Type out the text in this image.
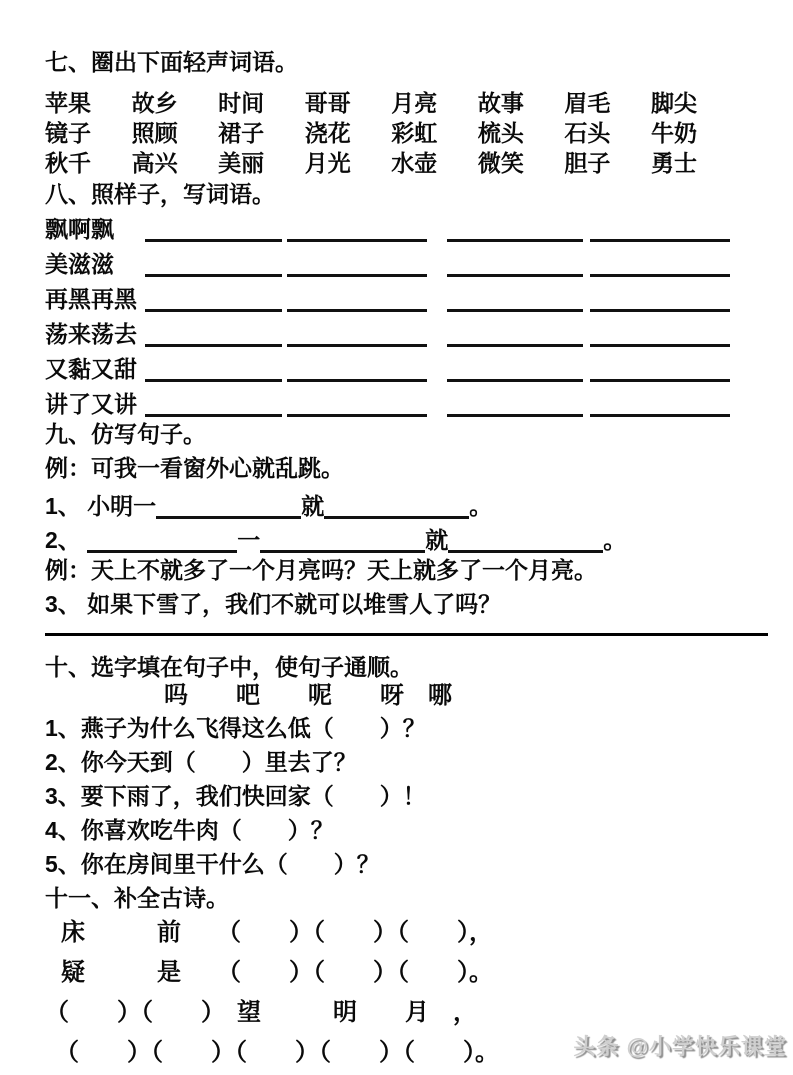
七、圈出下面轻声词语。
苹果 故乡 时间 哥哥 月亮 故事 眉毛 脚尖
镜子 照顾 裙子 浇花 彩虹 梳头 石头 牛奶
秋千 高兴 美丽 月光 水壶 微笑 胆子 勇士
八、照样子，写词语。
飘啊飘
美滋滋
再黑再黑
荡来荡去
又黏又甜
讲了又讲
九、仿写句子。
例：可我一看窗外心就乱跳。
1、 小明一	就	。
2、	一	就	。
例：天上不就多了一个月亮吗？天上就多了一个月亮。
3、 如果下雪了，我们不就可以堆雪人了吗？
十、选字填在句子中，使句子通顺。
吗　　吧　　呢　　呀　哪
1、燕子为什么飞得这么低（　　）？
2、你今天到（　　）里去了？
3、要下雨了，我们快回家（　　）！
4、你喜欢吃牛肉（　　）？
5、你在房间里干什么（　　）？
十一、补全古诗。
床　　　前　　（　　）（　　）（　　），
疑　　　是　　（　　）（　　）（　　）。
（　　）（　　）　望　　　明　　月　，
（　　）（　　）（　　）（　　）（　　）。	头条 @小学快乐课堂
